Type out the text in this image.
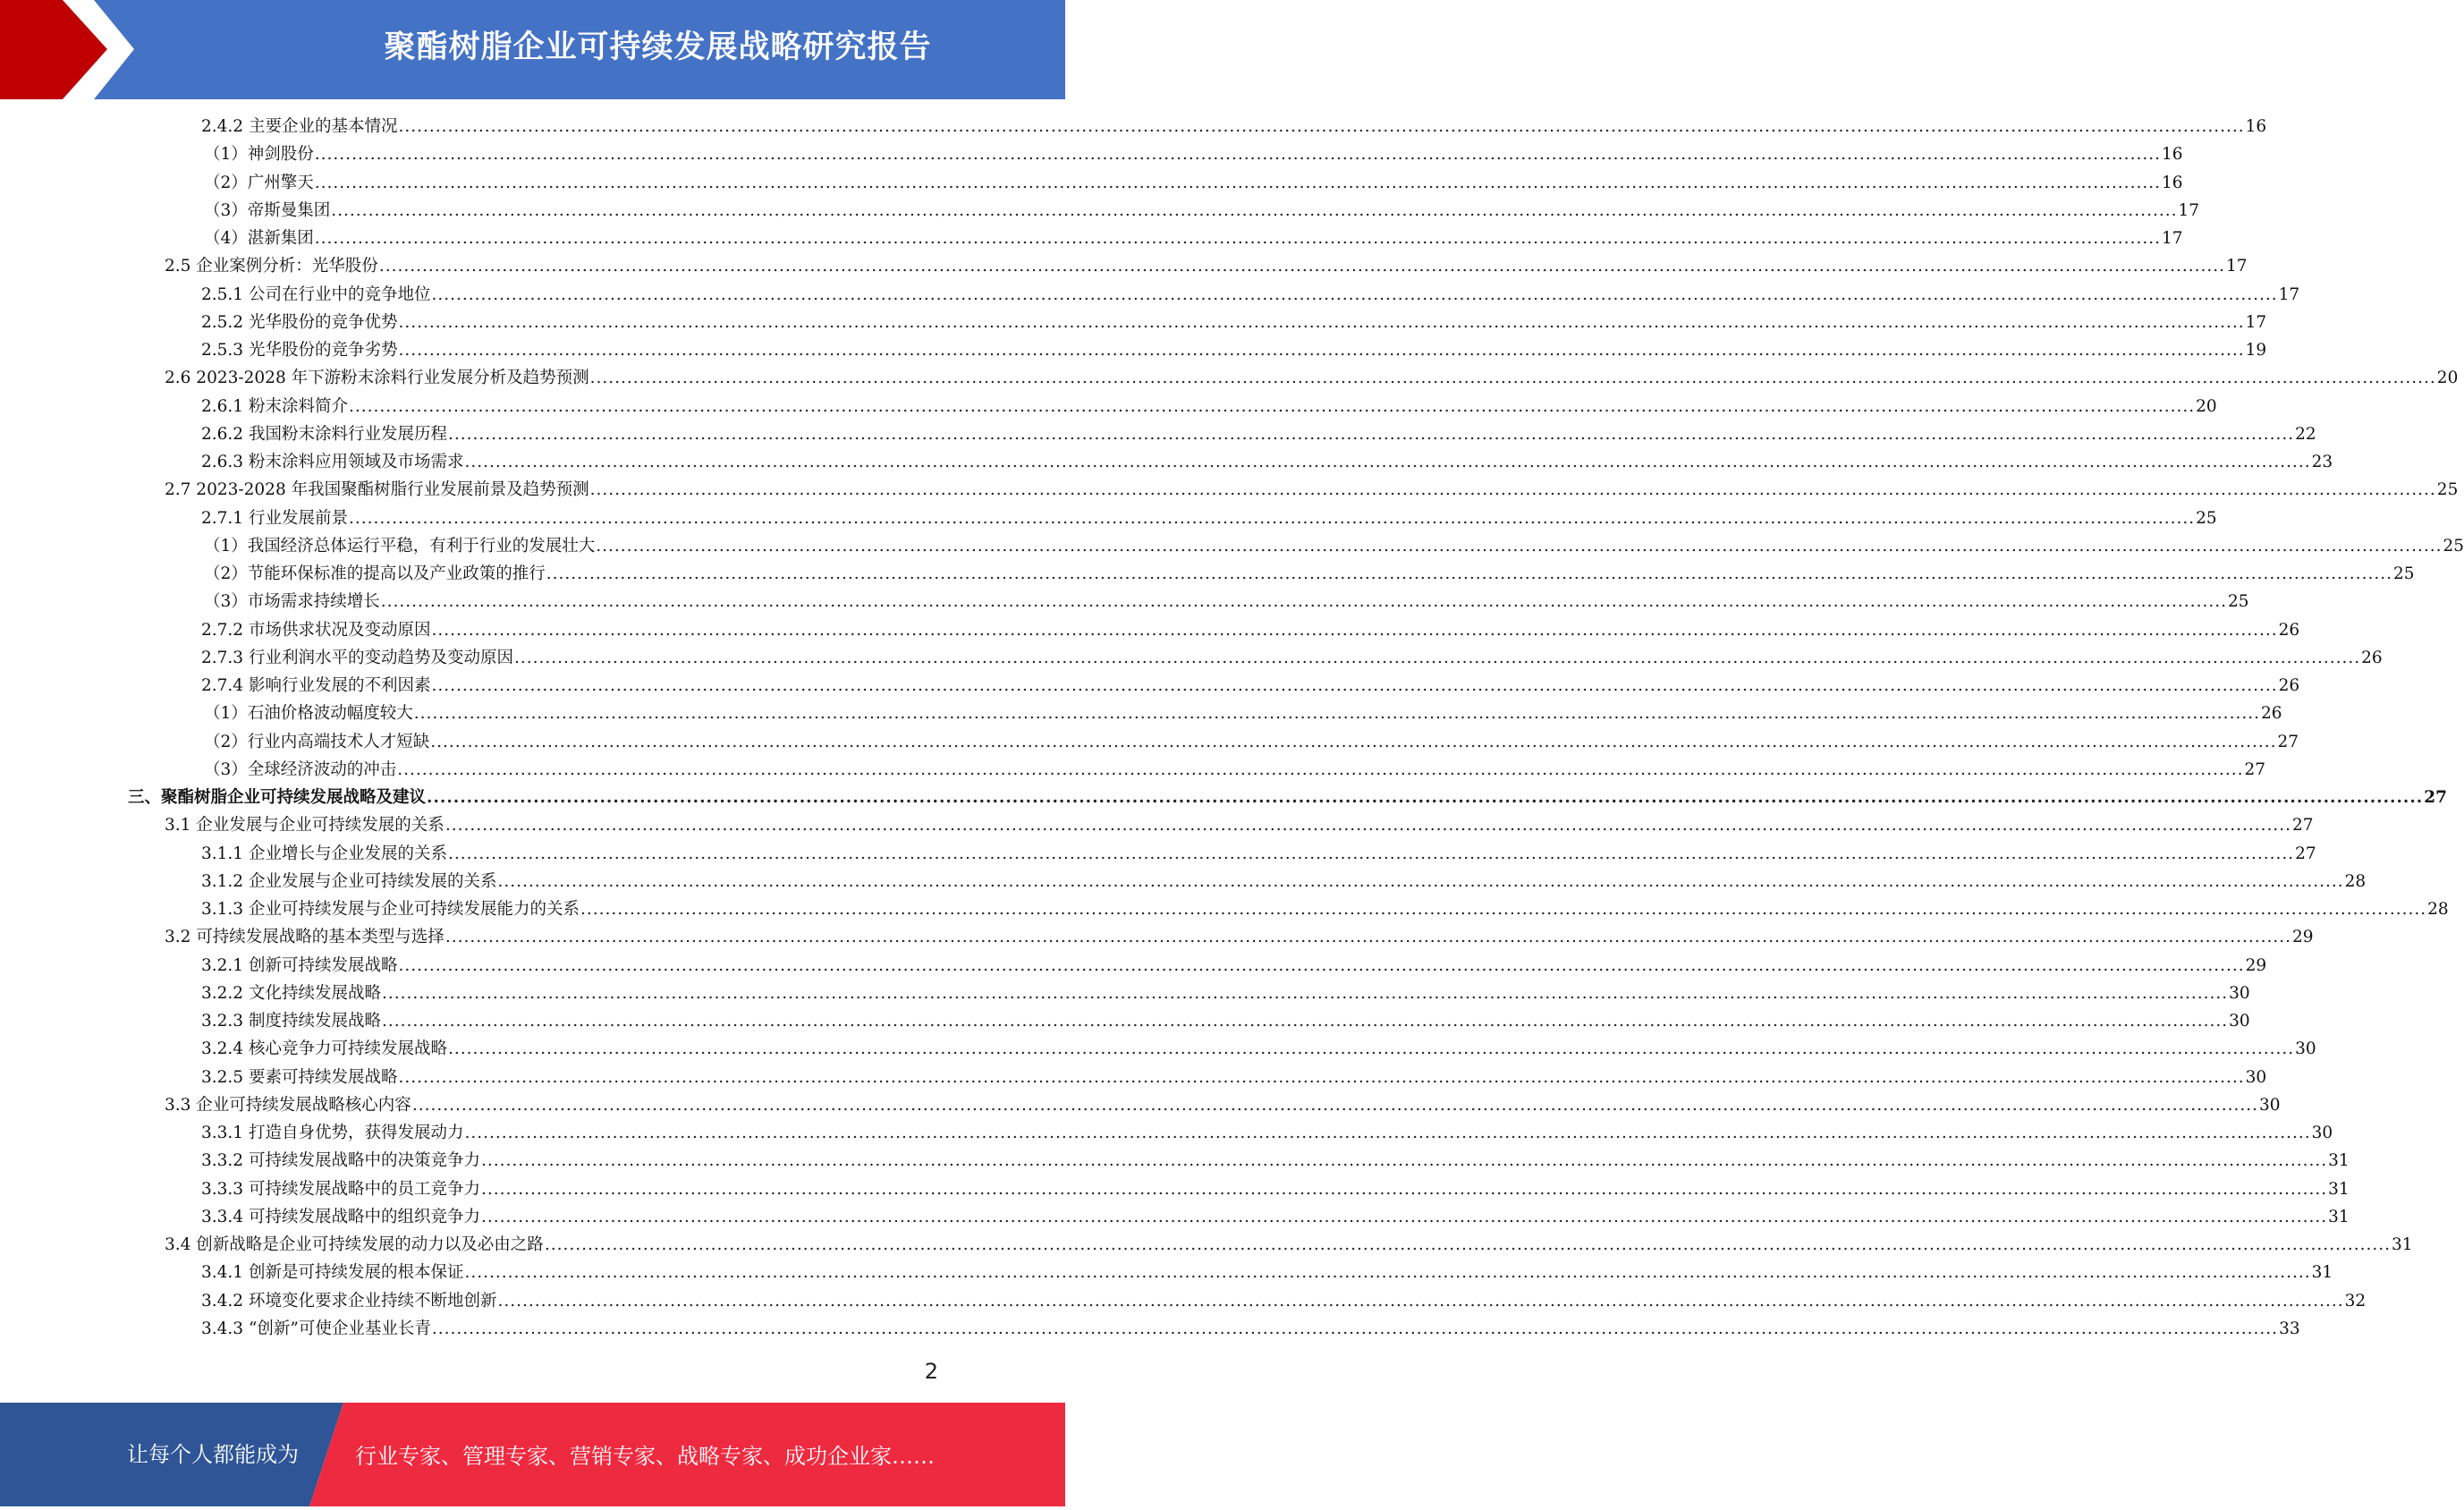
聚酯树脂企业可持续发展战略研究报告
2.4.2 主要企业的基本情况 ............................................................................................................................................................................................................................................................................................................ 16
（1）神剑股份 ............................................................................................................................................................................................................................................................................................................ 16
（2）广州擎天 ............................................................................................................................................................................................................................................................................................................ 16
（3）帝斯曼集团 ............................................................................................................................................................................................................................................................................................................ 17
（4）湛新集团 ............................................................................................................................................................................................................................................................................................................ 17
2.5 企业案例分析：光华股份 ............................................................................................................................................................................................................................................................................................................ 17
2.5.1 公司在行业中的竞争地位 ............................................................................................................................................................................................................................................................................................................ 17
2.5.2 光华股份的竞争优势 ............................................................................................................................................................................................................................................................................................................ 17
2.5.3 光华股份的竞争劣势 ............................................................................................................................................................................................................................................................................................................ 19
2.6 2023-2028 年下游粉末涂料行业发展分析及趋势预测 ............................................................................................................................................................................................................................................................................................................ 20
2.6.1 粉末涂料简介 ............................................................................................................................................................................................................................................................................................................ 20
2.6.2 我国粉末涂料行业发展历程 ............................................................................................................................................................................................................................................................................................................ 22
2.6.3 粉末涂料应用领域及市场需求 ............................................................................................................................................................................................................................................................................................................ 23
2.7 2023-2028 年我国聚酯树脂行业发展前景及趋势预测 ............................................................................................................................................................................................................................................................................................................ 25
2.7.1 行业发展前景 ............................................................................................................................................................................................................................................................................................................ 25
（1）我国经济总体运行平稳，有利于行业的发展壮大 ............................................................................................................................................................................................................................................................................................................ 25
（2）节能环保标准的提高以及产业政策的推行 ............................................................................................................................................................................................................................................................................................................ 25
（3）市场需求持续增长 ............................................................................................................................................................................................................................................................................................................ 25
2.7.2 市场供求状况及变动原因 ............................................................................................................................................................................................................................................................................................................ 26
2.7.3 行业利润水平的变动趋势及变动原因 ............................................................................................................................................................................................................................................................................................................ 26
2.7.4 影响行业发展的不利因素 ............................................................................................................................................................................................................................................................................................................ 26
（1）石油价格波动幅度较大 ............................................................................................................................................................................................................................................................................................................ 26
（2）行业内高端技术人才短缺 ............................................................................................................................................................................................................................................................................................................ 27
（3）全球经济波动的冲击 ............................................................................................................................................................................................................................................................................................................ 27
三、聚酯树脂企业可持续发展战略及建议 ............................................................................................................................................................................................................................................................................................................ 27
3.1 企业发展与企业可持续发展的关系 ............................................................................................................................................................................................................................................................................................................ 27
3.1.1 企业增长与企业发展的关系 ............................................................................................................................................................................................................................................................................................................ 27
3.1.2 企业发展与企业可持续发展的关系 ............................................................................................................................................................................................................................................................................................................ 28
3.1.3 企业可持续发展与企业可持续发展能力的关系 ............................................................................................................................................................................................................................................................................................................ 28
3.2 可持续发展战略的基本类型与选择 ............................................................................................................................................................................................................................................................................................................ 29
3.2.1 创新可持续发展战略 ............................................................................................................................................................................................................................................................................................................ 29
3.2.2 文化持续发展战略 ............................................................................................................................................................................................................................................................................................................ 30
3.2.3 制度持续发展战略 ............................................................................................................................................................................................................................................................................................................ 30
3.2.4 核心竞争力可持续发展战略 ............................................................................................................................................................................................................................................................................................................ 30
3.2.5 要素可持续发展战略 ............................................................................................................................................................................................................................................................................................................ 30
3.3 企业可持续发展战略核心内容 ............................................................................................................................................................................................................................................................................................................ 30
3.3.1 打造自身优势，获得发展动力 ............................................................................................................................................................................................................................................................................................................ 30
3.3.2 可持续发展战略中的决策竞争力 ............................................................................................................................................................................................................................................................................................................ 31
3.3.3 可持续发展战略中的员工竞争力 ............................................................................................................................................................................................................................................................................................................ 31
3.3.4 可持续发展战略中的组织竞争力 ............................................................................................................................................................................................................................................................................................................ 31
3.4 创新战略是企业可持续发展的动力以及必由之路 ............................................................................................................................................................................................................................................................................................................ 31
3.4.1 创新是可持续发展的根本保证 ............................................................................................................................................................................................................................................................................................................ 31
3.4.2 环境变化要求企业持续不断地创新 ............................................................................................................................................................................................................................................................................................................ 32
3.4.3 “创新”可使企业基业长青 ............................................................................................................................................................................................................................................................................................................ 33
2
让每个人都能成为	行业专家、管理专家、营销专家、战略专家、成功企业家……
